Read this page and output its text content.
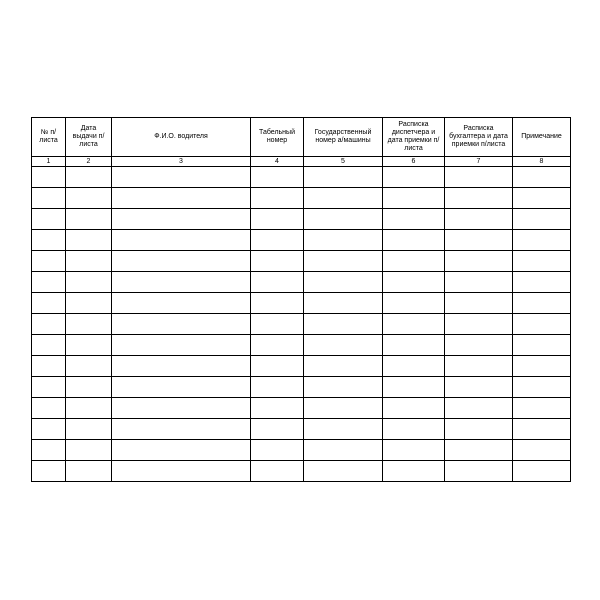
№ п/листа	Дата выдачи п/листа	Ф.И.О. водителя	Табельный номер	Государственный номер а/машины	Расписка диспетчера и дата приемки п/листа	Расписка бухгалтера и дата приемки п/листа	Примечание
1	2	3	4	5	6	7	8
